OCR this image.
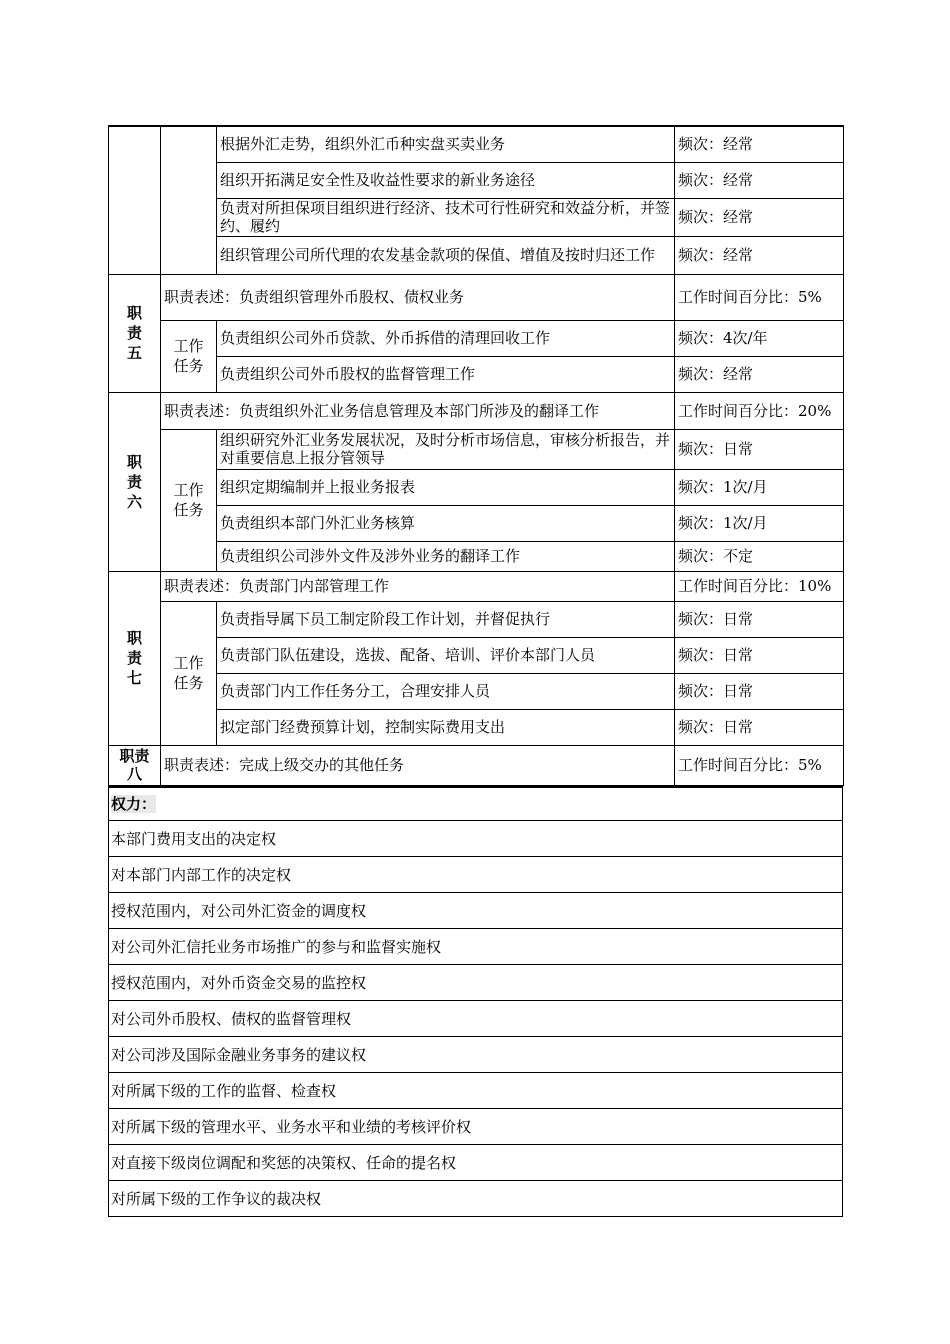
		根据外汇走势，组织外汇币种实盘买卖业务	频次：经常
		组织开拓满足安全性及收益性要求的新业务途径	频次：经常
		负责对所担保项目组织进行经济、技术可行性研究和效益分析，并签约、履约	频次：经常
		组织管理公司所代理的农发基金款项的保值、增值及按时归还工作	频次：经常
职责五	职责表述：负责组织管理外币股权、债权业务		工作时间百分比：5%
	工作任务	负责组织公司外币贷款、外币拆借的清理回收工作	频次：4次/年
		负责组织公司外币股权的监督管理工作	频次：经常
职责六	职责表述：负责组织外汇业务信息管理及本部门所涉及的翻译工作		工作时间百分比：20%
	工作任务	组织研究外汇业务发展状况，及时分析市场信息，审核分析报告，并对重要信息上报分管领导	频次：日常
		组织定期编制并上报业务报表	频次：1次/月
		负责组织本部门外汇业务核算	频次：1次/月
		负责组织公司涉外文件及涉外业务的翻译工作	频次：不定
职责七	职责表述：负责部门内部管理工作		工作时间百分比：10%
	工作任务	负责指导属下员工制定阶段工作计划，并督促执行	频次：日常
		负责部门队伍建设，选拔、配备、培训、评价本部门人员	频次：日常
		负责部门内工作任务分工，合理安排人员	频次：日常
		拟定部门经费预算计划，控制实际费用支出	频次：日常
职责八	职责表述：完成上级交办的其他任务		工作时间百分比：5%
权力：
本部门费用支出的决定权
对本部门内部工作的决定权
授权范围内，对公司外汇资金的调度权
对公司外汇信托业务市场推广的参与和监督实施权
授权范围内，对外币资金交易的监控权
对公司外币股权、债权的监督管理权
对公司涉及国际金融业务事务的建议权
对所属下级的工作的监督、检查权
对所属下级的管理水平、业务水平和业绩的考核评价权
对直接下级岗位调配和奖惩的决策权、任命的提名权
对所属下级的工作争议的裁决权
